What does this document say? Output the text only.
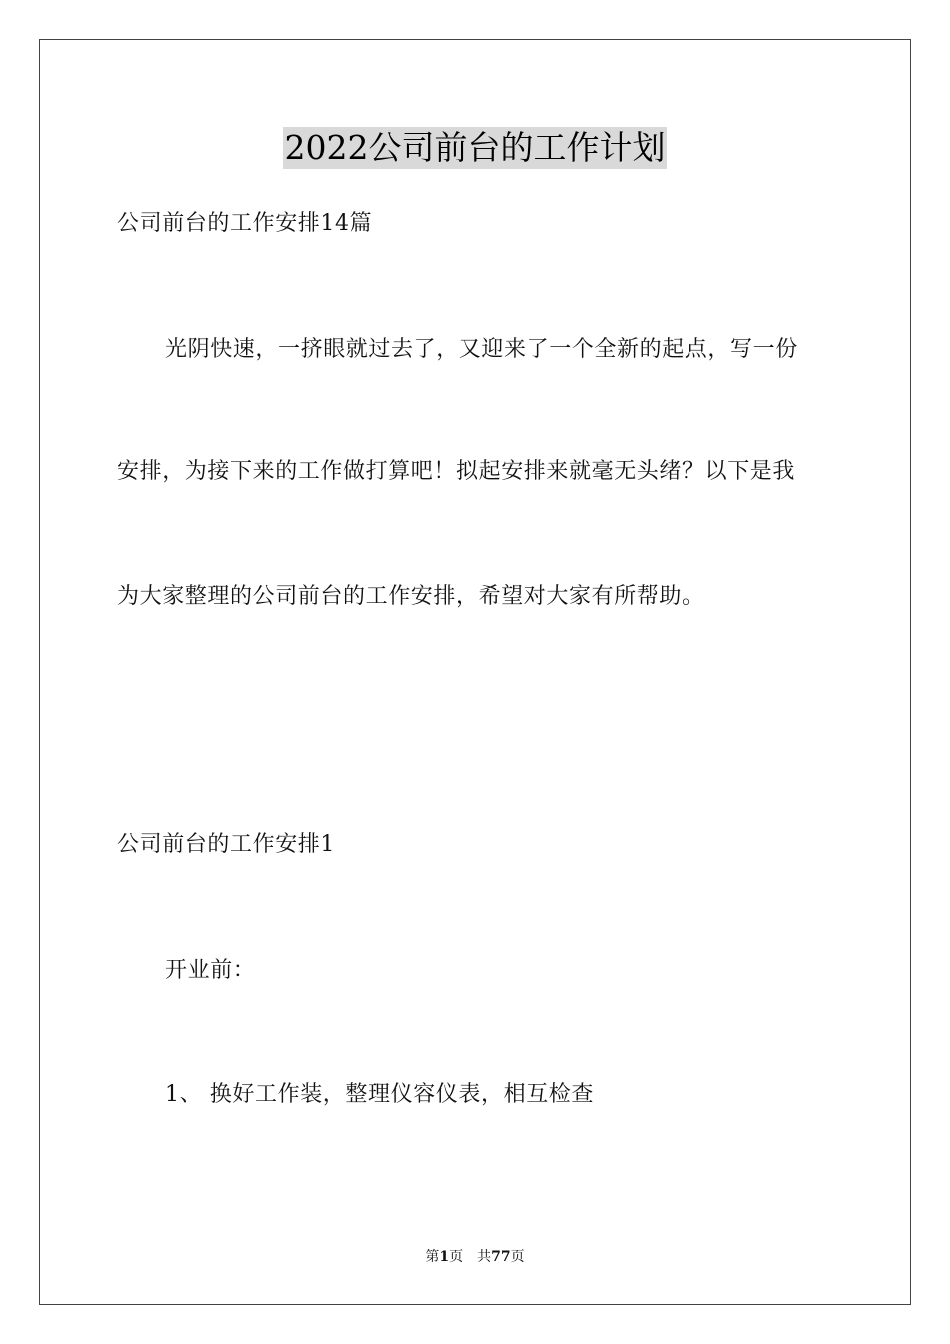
2022公司前台的工作计划
公司前台的工作安排14篇
光阴快速，一挤眼就过去了，又迎来了一个全新的起点，写一份
安排，为接下来的工作做打算吧！拟起安排来就毫无头绪？以下是我
为大家整理的公司前台的工作安排，希望对大家有所帮助。
公司前台的工作安排1
开业前：
1、 换好工作装，整理仪容仪表，相互检查
第1页　共77页
